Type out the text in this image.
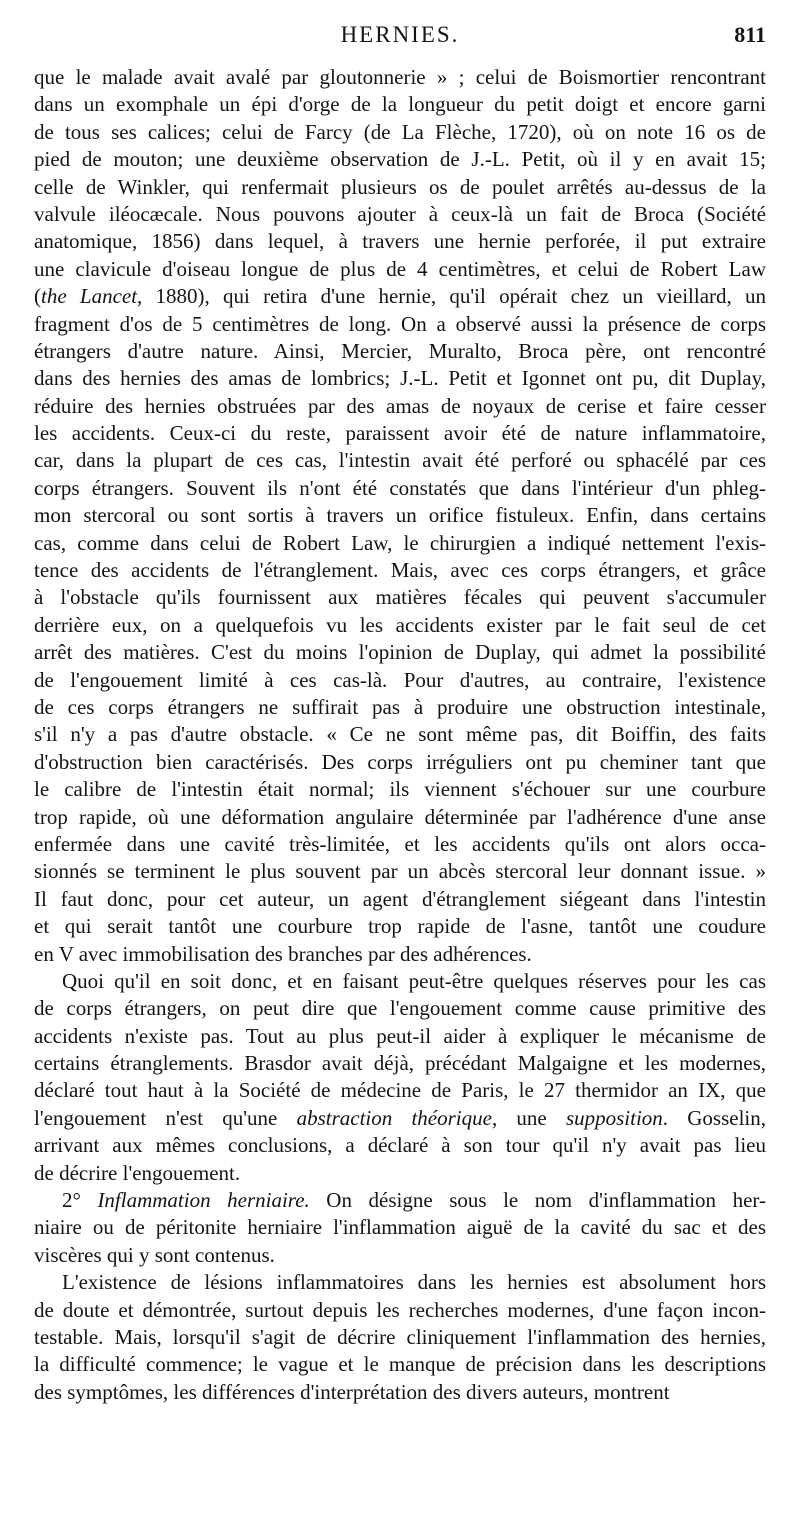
HERNIES.	811
que le malade avait avalé par gloutonnerie » ; celui de Boismortier rencontrant
dans un exomphale un épi d'orge de la longueur du petit doigt et encore garni
de tous ses calices; celui de Farcy (de La Flèche, 1720), où on note 16 os de
pied de mouton; une deuxième observation de J.-L. Petit, où il y en avait 15;
celle de Winkler, qui renfermait plusieurs os de poulet arrêtés au-dessus de la
valvule iléocæcale. Nous pouvons ajouter à ceux-là un fait de Broca (Société
anatomique, 1856) dans lequel, à travers une hernie perforée, il put extraire
une clavicule d'oiseau longue de plus de 4 centimètres, et celui de Robert Law
(the Lancet, 1880), qui retira d'une hernie, qu'il opérait chez un vieillard, un
fragment d'os de 5 centimètres de long. On a observé aussi la présence de corps
étrangers d'autre nature. Ainsi, Mercier, Muralto, Broca père, ont rencontré
dans des hernies des amas de lombrics; J.-L. Petit et Igonnet ont pu, dit Duplay,
réduire des hernies obstruées par des amas de noyaux de cerise et faire cesser
les accidents. Ceux-ci du reste, paraissent avoir été de nature inflammatoire,
car, dans la plupart de ces cas, l'intestin avait été perforé ou sphacélé par ces
corps étrangers. Souvent ils n'ont été constatés que dans l'intérieur d'un phleg-
mon stercoral ou sont sortis à travers un orifice fistuleux. Enfin, dans certains
cas, comme dans celui de Robert Law, le chirurgien a indiqué nettement l'exis-
tence des accidents de l'étranglement. Mais, avec ces corps étrangers, et grâce
à l'obstacle qu'ils fournissent aux matières fécales qui peuvent s'accumuler
derrière eux, on a quelquefois vu les accidents exister par le fait seul de cet
arrêt des matières. C'est du moins l'opinion de Duplay, qui admet la possibilité
de l'engouement limité à ces cas-là. Pour d'autres, au contraire, l'existence
de ces corps étrangers ne suffirait pas à produire une obstruction intestinale,
s'il n'y a pas d'autre obstacle. « Ce ne sont même pas, dit Boiffin, des faits
d'obstruction bien caractérisés. Des corps irréguliers ont pu cheminer tant que
le calibre de l'intestin était normal; ils viennent s'échouer sur une courbure
trop rapide, où une déformation angulaire déterminée par l'adhérence d'une anse
enfermée dans une cavité très-limitée, et les accidents qu'ils ont alors occa-
sionnés se terminent le plus souvent par un abcès stercoral leur donnant issue. »
Il faut donc, pour cet auteur, un agent d'étranglement siégeant dans l'intestin
et qui serait tantôt une courbure trop rapide de l'asne, tantôt une coudure
en V avec immobilisation des branches par des adhérences.
Quoi qu'il en soit donc, et en faisant peut-être quelques réserves pour les cas
de corps étrangers, on peut dire que l'engouement comme cause primitive des
accidents n'existe pas. Tout au plus peut-il aider à expliquer le mécanisme de
certains étranglements. Brasdor avait déjà, précédant Malgaigne et les modernes,
déclaré tout haut à la Société de médecine de Paris, le 27 thermidor an IX, que
l'engouement n'est qu'une abstraction théorique, une supposition. Gosselin,
arrivant aux mêmes conclusions, a déclaré à son tour qu'il n'y avait pas lieu
de décrire l'engouement.
2° Inflammation herniaire. On désigne sous le nom d'inflammation her-
niaire ou de péritonite herniaire l'inflammation aiguë de la cavité du sac et des
viscères qui y sont contenus.
L'existence de lésions inflammatoires dans les hernies est absolument hors
de doute et démontrée, surtout depuis les recherches modernes, d'une façon incon-
testable. Mais, lorsqu'il s'agit de décrire cliniquement l'inflammation des hernies,
la difficulté commence; le vague et le manque de précision dans les descriptions
des symptômes, les différences d'interprétation des divers auteurs, montrent
